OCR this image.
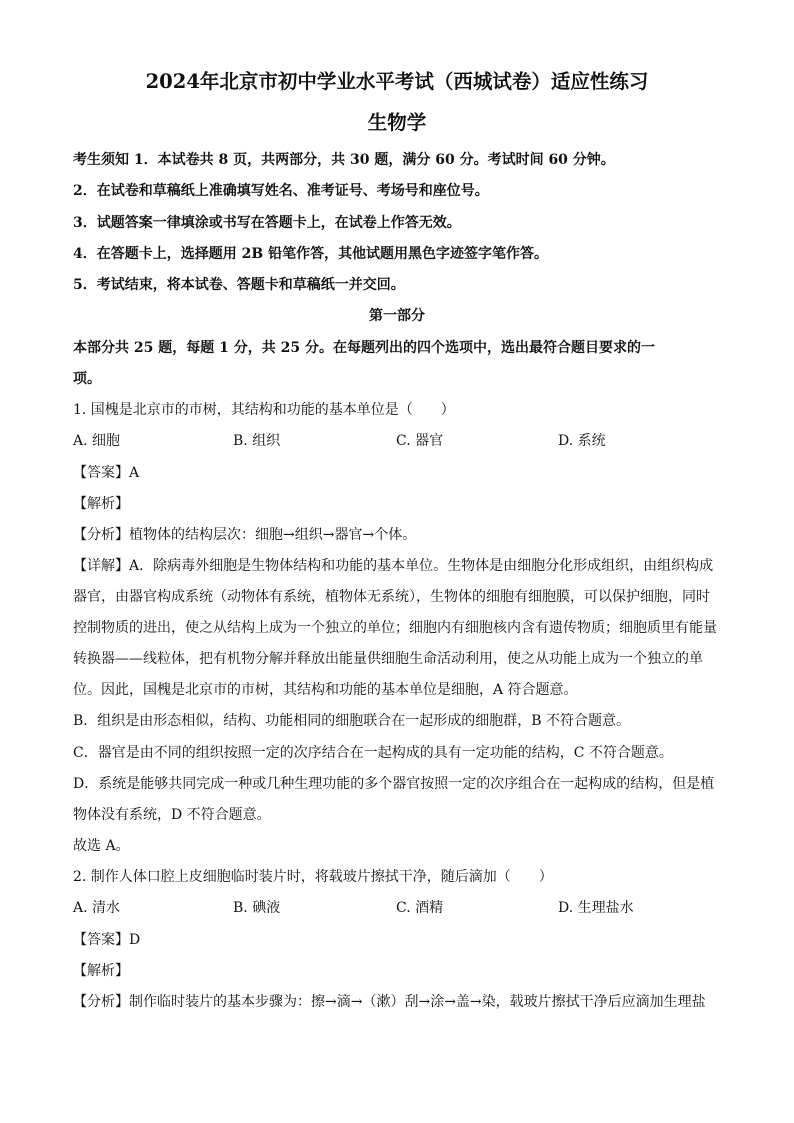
2024年北京市初中学业水平考试（西城试卷）适应性练习
生物学
考生须知 1．本试卷共 8 页，共两部分，共 30 题，满分 60 分。考试时间 60 分钟。
2．在试卷和草稿纸上准确填写姓名、准考证号、考场号和座位号。
3．试题答案一律填涂或书写在答题卡上，在试卷上作答无效。
4．在答题卡上，选择题用 2B 铅笔作答，其他试题用黑色字迹签字笔作答。
5．考试结束，将本试卷、答题卡和草稿纸一并交回。
第一部分
本部分共 25 题，每题 1 分，共 25 分。在每题列出的四个选项中，选出最符合题目要求的一
项。
1. 国槐是北京市的市树，其结构和功能的基本单位是（　　）
A. 细胞	B. 组织	C. 器官	D. 系统
【答案】A
【解析】
【分析】植物体的结构层次：细胞→组织→器官→个体。
【详解】A．除病毒外细胞是生物体结构和功能的基本单位。生物体是由细胞分化形成组织，由组织构成
器官，由器官构成系统（动物体有系统，植物体无系统），生物体的细胞有细胞膜，可以保护细胞，同时
控制物质的进出，使之从结构上成为一个独立的单位；细胞内有细胞核内含有遗传物质；细胞质里有能量
转换器——线粒体，把有机物分解并释放出能量供细胞生命活动利用，使之从功能上成为一个独立的单
位。因此，国槐是北京市的市树，其结构和功能的基本单位是细胞，A 符合题意。
B．组织是由形态相似，结构、功能相同的细胞联合在一起形成的细胞群，B 不符合题意。
C．器官是由不同的组织按照一定的次序结合在一起构成的具有一定功能的结构，C 不符合题意。
D．系统是能够共同完成一种或几种生理功能的多个器官按照一定的次序组合在一起构成的结构，但是植
物体没有系统，D 不符合题意。
故选 A。
2. 制作人体口腔上皮细胞临时装片时，将载玻片擦拭干净，随后滴加（　　）
A. 清水	B. 碘液	C. 酒精	D. 生理盐水
【答案】D
【解析】
【分析】制作临时装片的基本步骤为：擦→滴→（漱）刮→涂→盖→染，载玻片擦拭干净后应滴加生理盐
